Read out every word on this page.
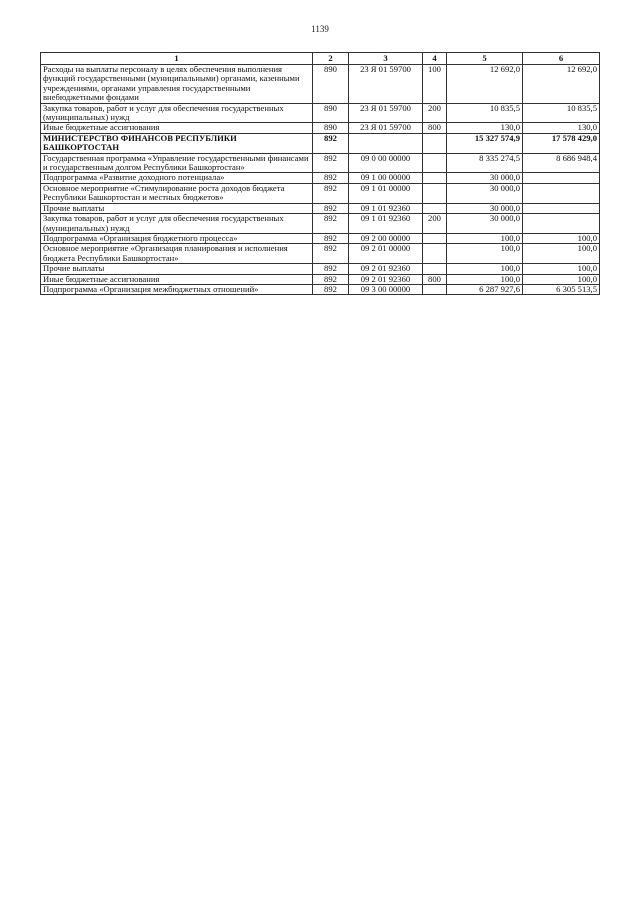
1139
1	2	3	4	5	6
Расходы на выплаты персоналу в целях обеспечения выполнения функций государственными (муниципальными) органами, казенными учреждениями, органами управления государственными внебюджетными фондами	890	23 Я 01 59700	100	12 692,0	12 692,0
Закупка товаров, работ и услуг для обеспечения государственных (муниципальных) нужд	890	23 Я 01 59700	200	10 835,5	10 835,5
Иные бюджетные ассигнования	890	23 Я 01 59700	800	130,0	130,0
МИНИСТЕРСТВО ФИНАНСОВ РЕСПУБЛИКИ БАШКОРТОСТАН	892			15 327 574,9	17 578 429,0
Государственная программа «Управление государственными финансами и государственным долгом Республики Башкортостан»	892	09 0 00 00000		8 335 274,5	8 686 948,4
Подпрограмма «Развитие доходного потенциала»	892	09 1 00 00000		30 000,0	
Основное мероприятие «Стимулирование роста доходов бюджета Республики Башкортостан и местных бюджетов»	892	09 1 01 00000		30 000,0	
Прочие выплаты	892	09 1 01 92360		30 000,0	
Закупка товаров, работ и услуг для обеспечения государственных (муниципальных) нужд	892	09 1 01 92360	200	30 000,0	
Подпрограмма «Организация бюджетного процесса»	892	09 2 00 00000		100,0	100,0
Основное мероприятие «Организация планирования и исполнения бюджета Республики Башкортостан»	892	09 2 01 00000		100,0	100,0
Прочие выплаты	892	09 2 01 92360		100,0	100,0
Иные бюджетные ассигнования	892	09 2 01 92360	800	100,0	100,0
Подпрограмма «Организация межбюджетных отношений»	892	09 3 00 00000		6 287 927,6	6 305 513,5
